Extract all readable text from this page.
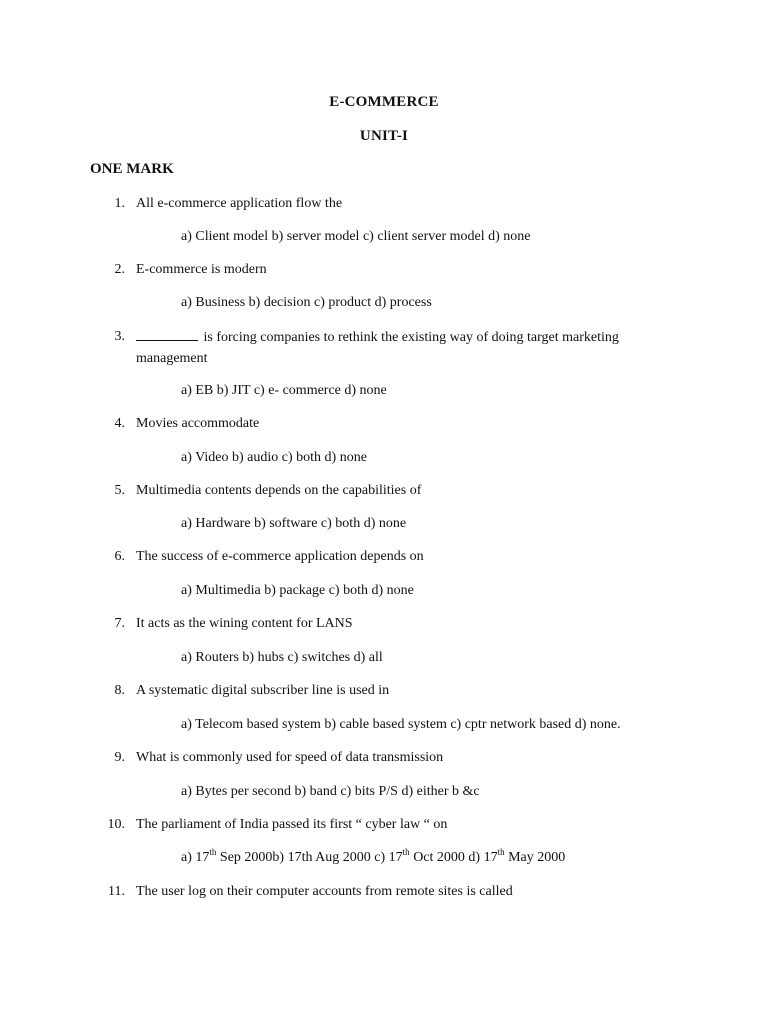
E-COMMERCE
UNIT-I
ONE MARK
1. All e-commerce application flow the
a) Client model b) server model c) client server model d) none
2. E-commerce is modern
a) Business b) decision c) product d) process
3.	is forcing companies to rethink the existing way of doing target marketing management
a) EB b) JIT c) e- commerce d) none
4. Movies accommodate
a) Video b) audio c) both d) none
5. Multimedia contents depends on the capabilities of
a) Hardware b) software c) both d) none
6. The success of e-commerce application depends on
a) Multimedia b) package c) both d) none
7. It acts as the wining content for LANS
a) Routers b) hubs c) switches d) all
8. A systematic digital subscriber line is used in
a) Telecom based system b) cable based system c) cptr network based d) none.
9. What is commonly used for speed of data transmission
a) Bytes per second b) band c) bits P/S d) either b &c
10. The parliament of India passed its first “ cyber law “ on
a) 17th Sep 2000b) 17th Aug 2000 c) 17th Oct 2000 d) 17th May 2000
11. The user log on their computer accounts from remote sites is called
